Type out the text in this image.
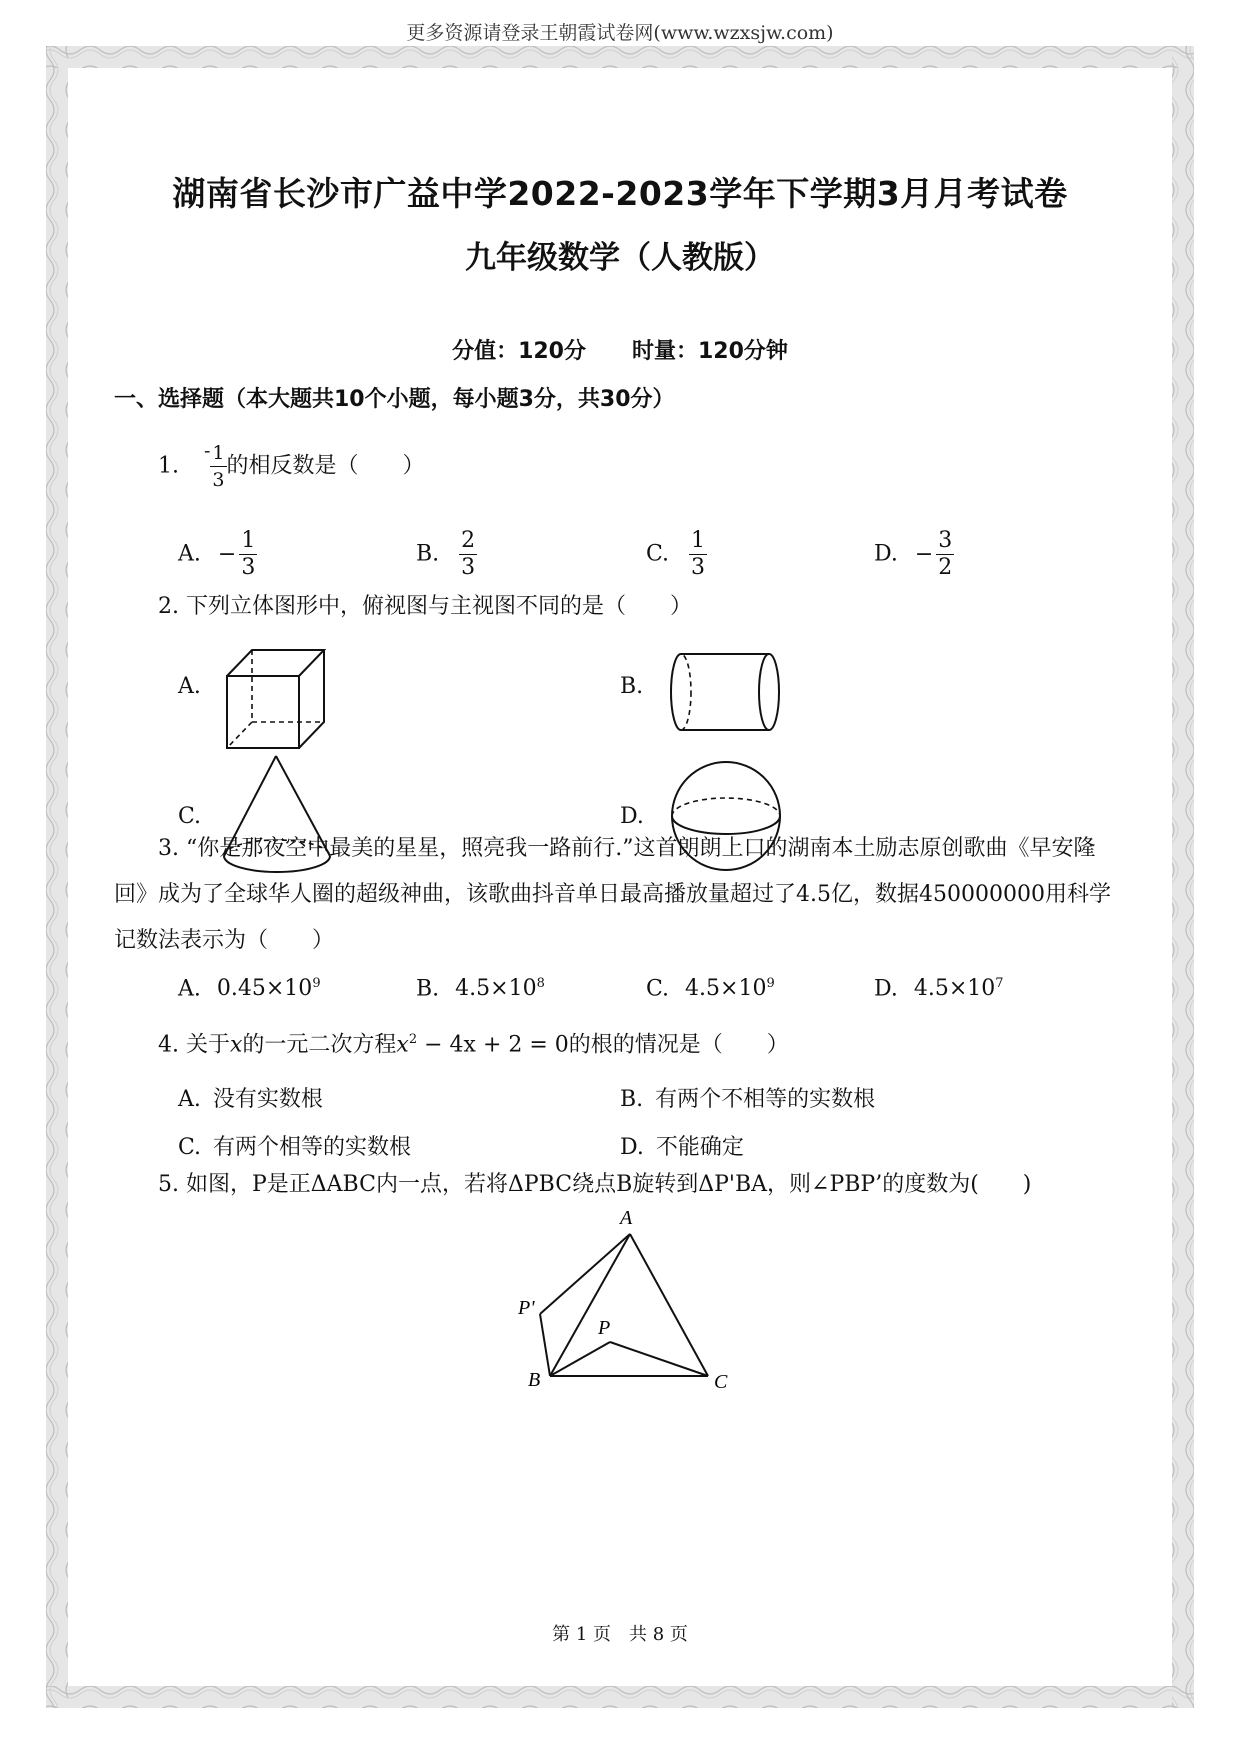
更多资源请登录王朝霞试卷网(www.wzxsjw.com)
湖南省长沙市广益中学2022-2023学年下学期3月月考试卷
九年级数学（人教版）
分值：120分 时量：120分钟
一、选择题（本大题共10个小题，每小题3分，共30分）
1. - $\frac{1}{3}$ 的相反数是（　　）
A. − $\frac{1}{3}$	B. $\frac{2}{3}$	C. $\frac{1}{3}$	D. − $\frac{3}{2}$
2. 下列立体图形中，俯视图与主视图不同的是（　　）
A.	B.
C.	D.
3. “你是那夜空中最美的星星，照亮我一路前行.”这首朗朗上口的湖南本土励志原创歌曲《早安隆回》成为了全球华人圈的超级神曲，该歌曲抖音单日最高播放量超过了4.5亿，数据450000000用科学记数法表示为（　　）
A. $0.45\times 10^9$	B. $4.5\times 10^8$	C. $4.5\times 10^9$	D. $4.5\times 10^7$
4. 关于x的一元二次方程$x^2 - 4x + 2 = 0$的根的情况是（　　）
A. 没有实数根	B. 有两个不相等的实数根
C. 有两个相等的实数根	D. 不能确定
5. 如图，P是正ΔABC内一点，若将ΔPBC绕点B旋转到ΔP'BA，则∠PBP’的度数为(　　)
A
P'
P
B	C
第 1 页　共 8 页
